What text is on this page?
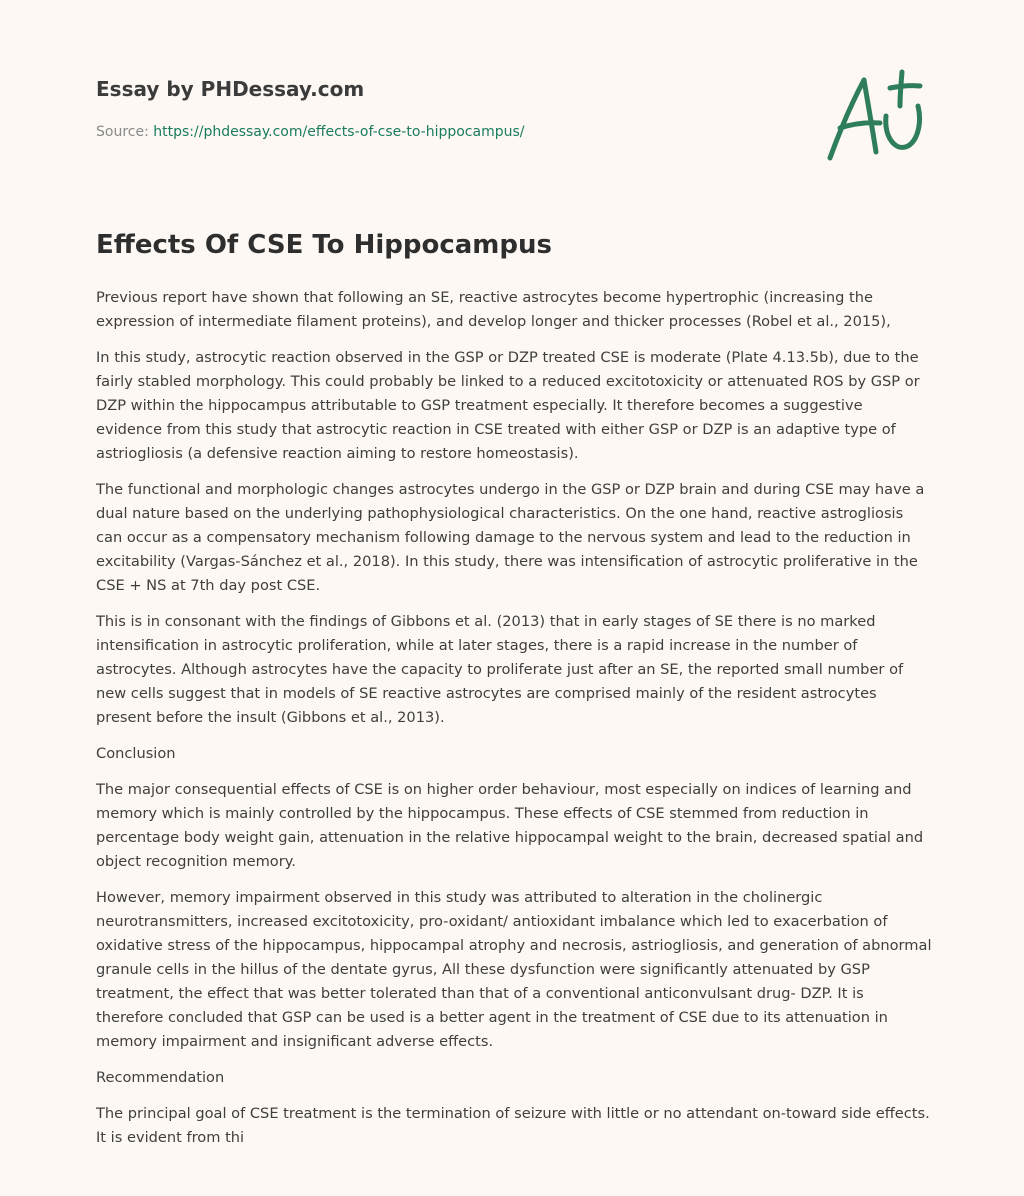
Essay by PHDessay.com
Source: https://phdessay.com/effects-of-cse-to-hippocampus/
Effects Of CSE To Hippocampus

Previous report have shown that following an SE, reactive astrocytes become hypertrophic (increasing the expression of intermediate filament proteins), and develop longer and thicker processes (Robel et al., 2015),

In this study, astrocytic reaction observed in the GSP or DZP treated CSE is moderate (Plate 4.13.5b), due to the fairly stabled morphology. This could probably be linked to a reduced excitotoxicity or attenuated ROS by GSP or DZP within the hippocampus attributable to GSP treatment especially. It therefore becomes a suggestive evidence from this study that astrocytic reaction in CSE treated with either GSP or DZP is an adaptive type of astriogliosis (a defensive reaction aiming to restore homeostasis).

The functional and morphologic changes astrocytes undergo in the GSP or DZP brain and during CSE may have a dual nature based on the underlying pathophysiological characteristics. On the one hand, reactive astrogliosis can occur as a compensatory mechanism following damage to the nervous system and lead to the reduction in excitability (Vargas-Sánchez et al., 2018). In this study, there was intensification of astrocytic proliferative in the CSE + NS at 7th day post CSE.

This is in consonant with the findings of Gibbons et al. (2013) that in early stages of SE there is no marked intensification in astrocytic proliferation, while at later stages, there is a rapid increase in the number of astrocytes. Although astrocytes have the capacity to proliferate just after an SE, the reported small number of new cells suggest that in models of SE reactive astrocytes are comprised mainly of the resident astrocytes present before the insult (Gibbons et al., 2013).

Conclusion

The major consequential effects of CSE is on higher order behaviour, most especially on indices of learning and memory which is mainly controlled by the hippocampus. These effects of CSE stemmed from reduction in percentage body weight gain, attenuation in the relative hippocampal weight to the brain, decreased spatial and object recognition memory.

However, memory impairment observed in this study was attributed to alteration in the cholinergic neurotransmitters, increased excitotoxicity, pro-oxidant/ antioxidant imbalance which led to exacerbation of oxidative stress of the hippocampus, hippocampal atrophy and necrosis, astriogliosis, and generation of abnormal granule cells in the hillus of the dentate gyrus, All these dysfunction were significantly attenuated by GSP treatment, the effect that was better tolerated than that of a conventional anticonvulsant drug- DZP. It is therefore concluded that GSP can be used is a better agent in the treatment of CSE due to its attenuation in memory impairment and insignificant adverse effects.

Recommendation

The principal goal of CSE treatment is the termination of seizure with little or no attendant on-toward side effects. It is evident from thi
